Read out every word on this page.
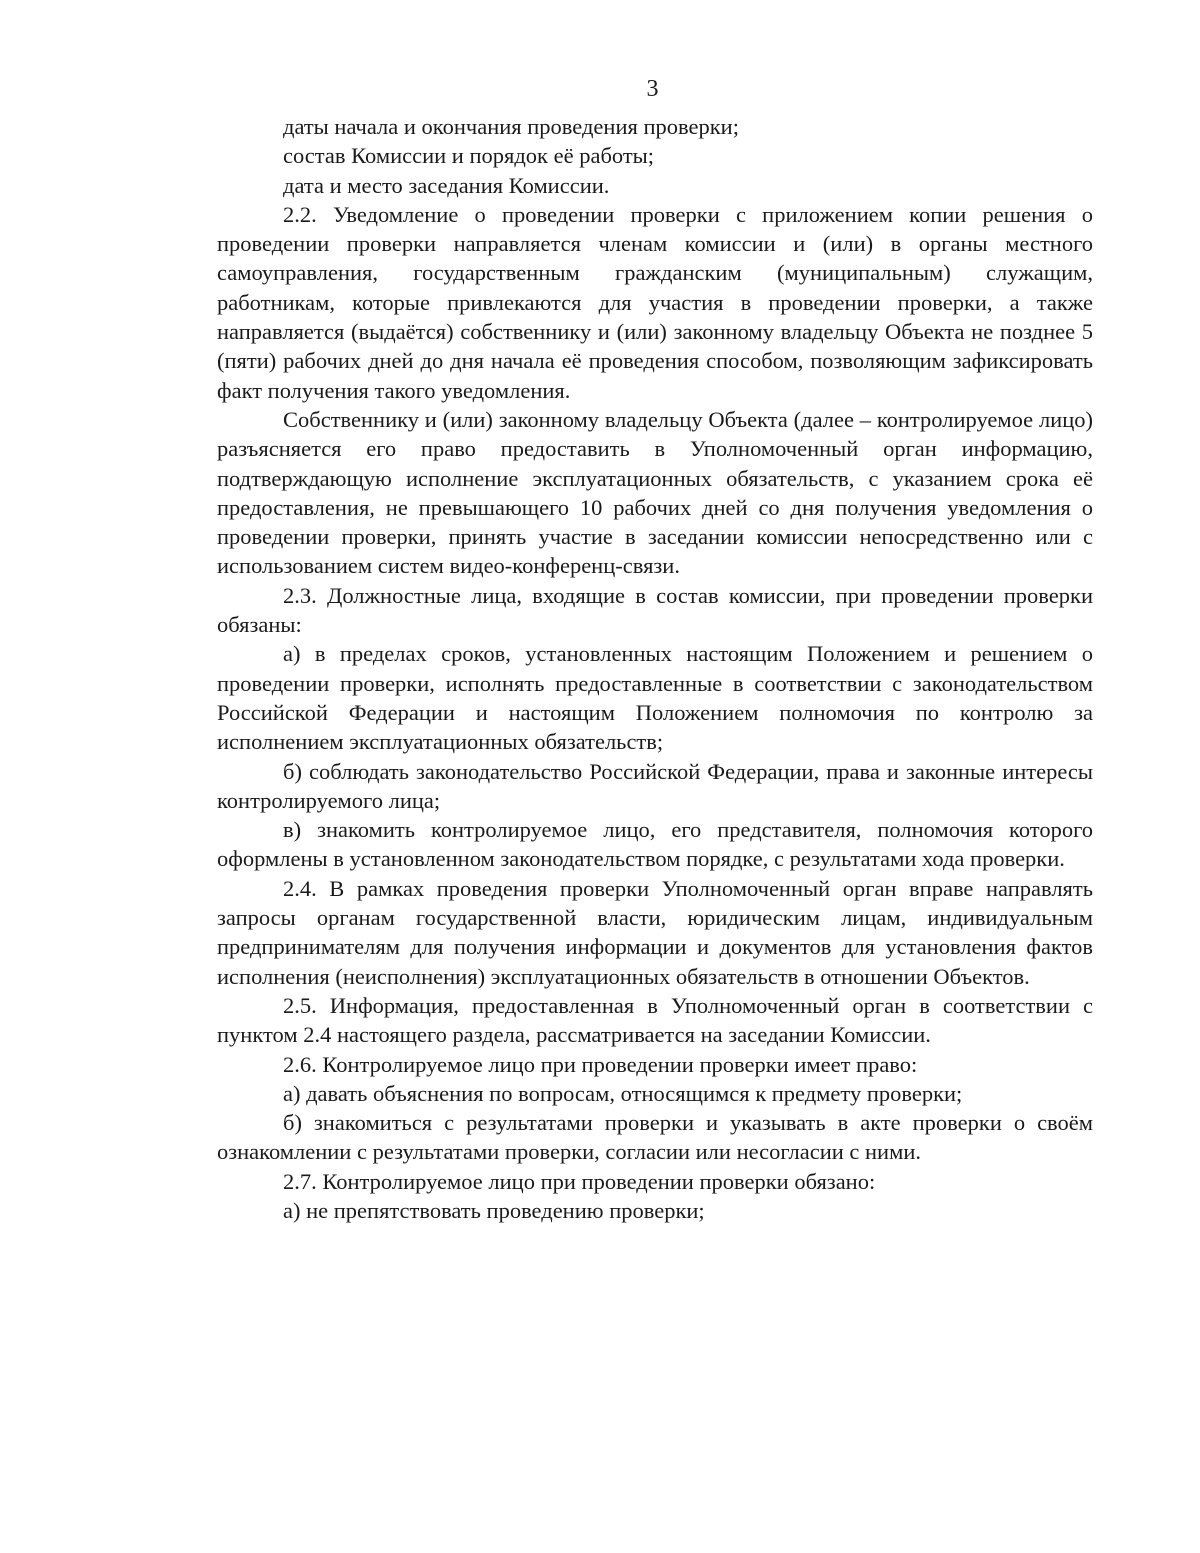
3

даты начала и окончания проведения проверки;

состав Комиссии и порядок её работы;

дата и место заседания Комиссии.

2.2. Уведомление о проведении проверки с приложением копии решения о проведении проверки направляется членам комиссии и (или) в органы местного самоуправления, государственным гражданским (муниципальным) служащим, работникам, которые привлекаются для участия в проведении проверки, а также направляется (выдаётся) собственнику и (или) законному владельцу Объекта не позднее 5 (пяти) рабочих дней до дня начала её проведения способом, позволяющим зафиксировать факт получения такого уведомления.

Собственнику и (или) законному владельцу Объекта (далее – контролируемое лицо) разъясняется его право предоставить в Уполномоченный орган информацию, подтверждающую исполнение эксплуатационных обязательств, с указанием срока её предоставления, не превышающего 10 рабочих дней со дня получения уведомления о проведении проверки, принять участие в заседании комиссии непосредственно или с использованием систем видео-конференц-связи.

2.3. Должностные лица, входящие в состав комиссии, при проведении проверки обязаны:

а) в пределах сроков, установленных настоящим Положением и решением о проведении проверки, исполнять предоставленные в соответствии с законодательством Российской Федерации и настоящим Положением полномочия по контролю за исполнением эксплуатационных обязательств;

б) соблюдать законодательство Российской Федерации, права и законные интересы контролируемого лица;

в) знакомить контролируемое лицо, его представителя, полномочия которого оформлены в установленном законодательством порядке, с результатами хода проверки.

2.4. В рамках проведения проверки Уполномоченный орган вправе направлять запросы органам государственной власти, юридическим лицам, индивидуальным предпринимателям для получения информации и документов для установления фактов исполнения (неисполнения) эксплуатационных обязательств в отношении Объектов.

2.5. Информация, предоставленная в Уполномоченный орган в соответствии с пунктом 2.4 настоящего раздела, рассматривается на заседании Комиссии.

2.6. Контролируемое лицо при проведении проверки имеет право:

а) давать объяснения по вопросам, относящимся к предмету проверки;

б) знакомиться с результатами проверки и указывать в акте проверки о своём ознакомлении с результатами проверки, согласии или несогласии с ними.

2.7. Контролируемое лицо при проведении проверки обязано:

а) не препятствовать проведению проверки;
